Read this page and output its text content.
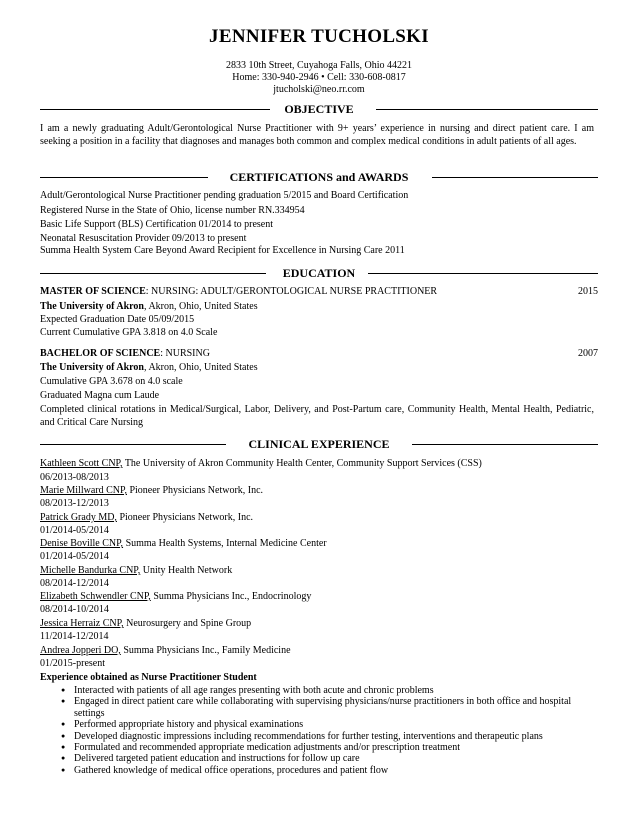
JENNIFER TUCHOLSKI
2833 10th Street, Cuyahoga Falls, Ohio 44221
Home: 330-940-2946 • Cell: 330-608-0817
jtucholski@neo.rr.com
OBJECTIVE
I am a newly graduating Adult/Gerontological Nurse Practitioner with 9+ years’ experience in nursing and direct patient care. I am seeking a position in a facility that diagnoses and manages both common and complex medical conditions in adult patients of all ages.
CERTIFICATIONS and AWARDS
Adult/Gerontological Nurse Practitioner pending graduation 5/2015 and Board Certification
Registered Nurse in the State of Ohio, license number RN.334954
Basic Life Support (BLS) Certification 01/2014 to present
Neonatal Resuscitation Provider 09/2013 to present
Summa Health System Care Beyond Award Recipient for Excellence in Nursing Care 2011
EDUCATION
MASTER OF SCIENCE: NURSING: ADULT/GERONTOLOGICAL NURSE PRACTITIONER	2015
The University of Akron, Akron, Ohio, United States
Expected Graduation Date 05/09/2015
Current Cumulative GPA 3.818 on 4.0 Scale
BACHELOR OF SCIENCE: NURSING	2007
The University of Akron, Akron, Ohio, United States
Cumulative GPA 3.678 on 4.0 scale
Graduated Magna cum Laude
Completed clinical rotations in Medical/Surgical, Labor, Delivery, and Post-Partum care, Community Health, Mental Health, Pediatric, and Critical Care Nursing
CLINICAL EXPERIENCE
Kathleen Scott CNP, The University of Akron Community Health Center, Community Support Services (CSS)
06/2013-08/2013
Marie Millward CNP, Pioneer Physicians Network, Inc.
08/2013-12/2013
Patrick Grady MD, Pioneer Physicians Network, Inc.
01/2014-05/2014
Denise Boville CNP, Summa Health Systems, Internal Medicine Center
01/2014-05/2014
Michelle Bandurka CNP, Unity Health Network
08/2014-12/2014
Elizabeth Schwendler CNP, Summa Physicians Inc., Endocrinology
08/2014-10/2014
Jessica Herraiz CNP, Neurosurgery and Spine Group
11/2014-12/2014
Andrea Jopperi DO, Summa Physicians Inc., Family Medicine
01/2015-present
Experience obtained as Nurse Practitioner Student
● Interacted with patients of all age ranges presenting with both acute and chronic problems
● Engaged in direct patient care while collaborating with supervising physicians/nurse practitioners in both office and hospital settings
● Performed appropriate history and physical examinations
● Developed diagnostic impressions including recommendations for further testing, interventions and therapeutic plans
● Formulated and recommended appropriate medication adjustments and/or prescription treatment
● Delivered targeted patient education and instructions for follow up care
● Gathered knowledge of medical office operations, procedures and patient flow
